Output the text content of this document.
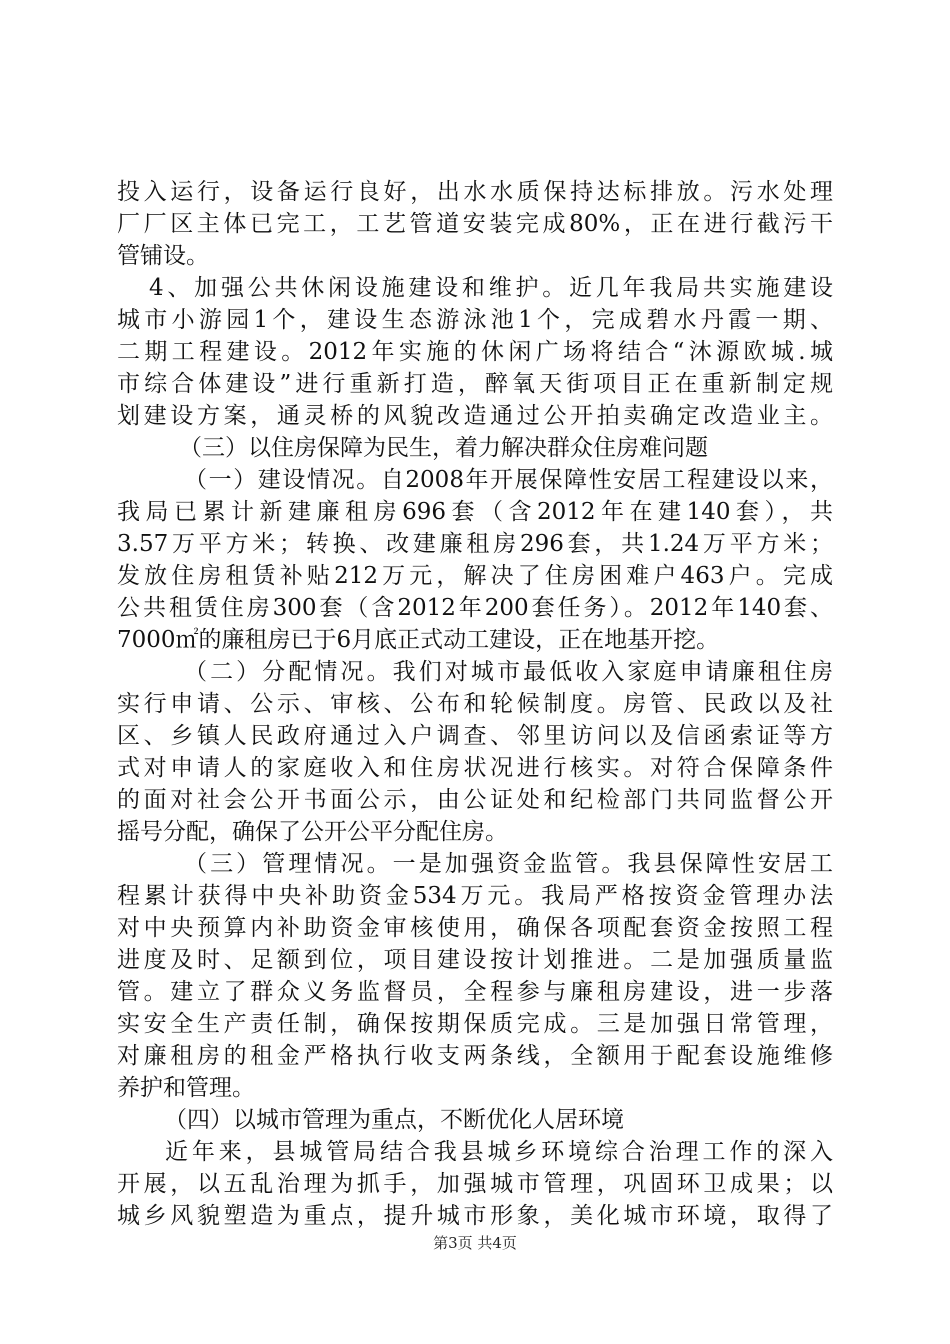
投入运行，设备运行良好，出水水质保持达标排放。污水处理
厂厂区主体已完工，工艺管道安装完成80%，正在进行截污干
管铺设。
4、加强公共休闲设施建设和维护。近几年我局共实施建设
城市小游园1个，建设生态游泳池1个，完成碧水丹霞一期、
二期工程建设。2012年实施的休闲广场将结合“沐源欧城.城
市综合体建设”进行重新打造，醉氧天街项目正在重新制定规
划建设方案，通灵桥的风貌改造通过公开拍卖确定改造业主。
（三）以住房保障为民生，着力解决群众住房难问题
（一）建设情况。自2008年开展保障性安居工程建设以来，
我局已累计新建廉租房696套（含2012年在建140套），共
3.57万平方米；转换、改建廉租房296套，共1.24万平方米；
发放住房租赁补贴212万元，解决了住房困难户463户。完成
公共租赁住房300套（含2012年200套任务）。2012年140套、
7000㎡的廉租房已于6月底正式动工建设，正在地基开挖。
（二）分配情况。我们对城市最低收入家庭申请廉租住房
实行申请、公示、审核、公布和轮候制度。房管、民政以及社
区、乡镇人民政府通过入户调查、邻里访问以及信函索证等方
式对申请人的家庭收入和住房状况进行核实。对符合保障条件
的面对社会公开书面公示，由公证处和纪检部门共同监督公开
摇号分配，确保了公开公平分配住房。
（三）管理情况。一是加强资金监管。我县保障性安居工
程累计获得中央补助资金534万元。我局严格按资金管理办法
对中央预算内补助资金审核使用，确保各项配套资金按照工程
进度及时、足额到位，项目建设按计划推进。二是加强质量监
管。建立了群众义务监督员，全程参与廉租房建设，进一步落
实安全生产责任制，确保按期保质完成。三是加强日常管理，
对廉租房的租金严格执行收支两条线，全额用于配套设施维修
养护和管理。
（四）以城市管理为重点，不断优化人居环境
近年来，县城管局结合我县城乡环境综合治理工作的深入
开展，以五乱治理为抓手，加强城市管理，巩固环卫成果；以
城乡风貌塑造为重点，提升城市形象，美化城市环境，取得了
第3页 共4页
